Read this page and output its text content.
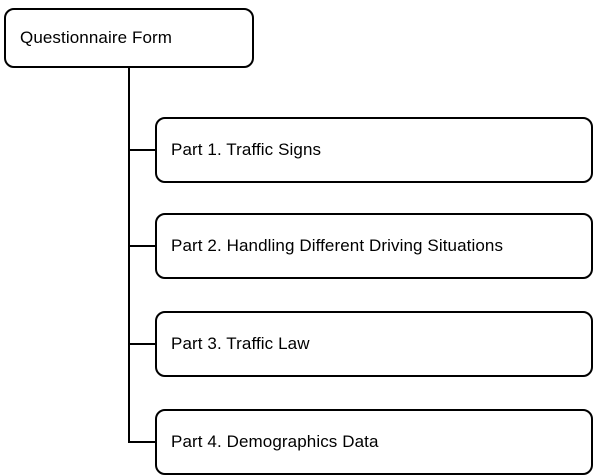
Questionnaire Form
Part 1. Traffic Signs
Part 2. Handling Different Driving Situations
Part 3. Traffic Law
Part 4. Demographics Data
